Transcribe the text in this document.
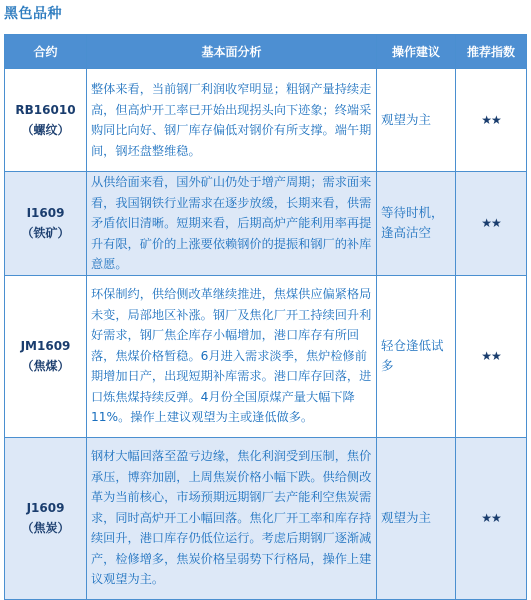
黑色品种
合约	基本面分析	操作建议	推荐指数

RB16010
（螺纹）	整体来看，当前钢厂利润收窄明显；粗钢产量持续走高，但高炉开工率已开始出现拐头向下迹象；终端采购同比向好、钢厂库存偏低对钢价有所支撑。端午期间，钢坯盘整维稳。	观望为主	★★

I1609
（铁矿）	从供给面来看，国外矿山仍处于增产周期；需求面来看，我国钢铁行业需求在逐步放缓，长期来看，供需矛盾依旧清晰。短期来看，后期高炉产能利用率再提升有限，矿价的上涨要依赖钢价的提振和钢厂的补库意愿。	等待时机，逢高沽空	★★

JM1609
（焦煤）	环保制约，供给侧改革继续推进，焦煤供应偏紧格局未变，局部地区补涨。钢厂及焦化厂开工持续回升利好需求，钢厂焦企库存小幅增加，港口库存有所回落，焦煤价格暂稳。6月进入需求淡季，焦炉检修前期增加日产，出现短期补库需求。港口库存回落，进口炼焦煤持续反弹。4月份全国原煤产量大幅下降 11%。操作上建议观望为主或逢低做多。	轻仓逢低试多	★★

J1609
（焦炭）	钢材大幅回落至盈亏边缘，焦化利润受到压制，焦价承压，博弈加剧，上周焦炭价格小幅下跌。供给侧改革为当前核心，市场预期远期钢厂去产能利空焦炭需求，同时高炉开工小幅回落。焦化厂开工率和库存持续回升，港口库存仍低位运行。考虑后期钢厂逐渐减产，检修增多，焦炭价格呈弱势下行格局，操作上建议观望为主。	观望为主	★★
